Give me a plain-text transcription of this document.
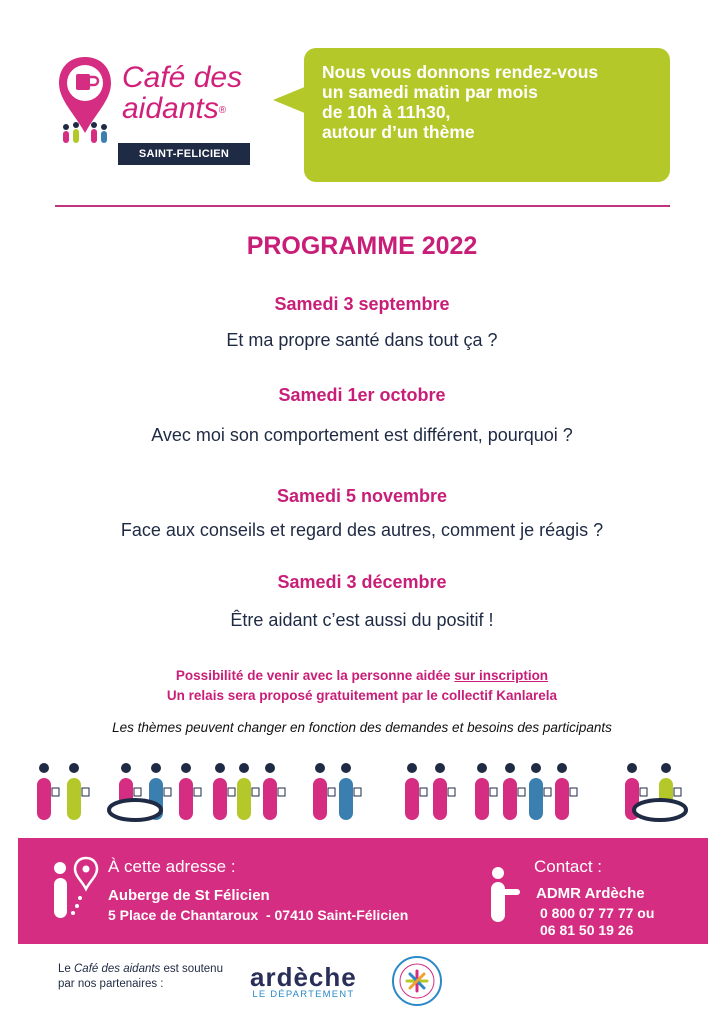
Café des
aidants®
SAINT-FELICIEN
Nous vous donnons rendez-vous
un samedi matin par mois
de 10h à 11h30,
autour d’un thème
PROGRAMME 2022
Samedi 3 septembre
Et ma propre santé dans tout ça ?
Samedi 1er octobre
Avec moi son comportement est différent, pourquoi ?
Samedi 5 novembre
Face aux conseils et regard des autres, comment je réagis ?
Samedi 3 décembre
Être aidant c’est aussi du positif !
Possibilité de venir avec la personne aidée sur inscription
Un relais sera proposé gratuitement par le collectif Kanlarela
Les thèmes peuvent changer en fonction des demandes et besoins des participants
À cette adresse :
Auberge de St Félicien
5 Place de Chantaroux  - 07410 Saint-Félicien
Contact :
ADMR Ardèche
0 800 07 77 77 ou
06 81 50 19 26
Le Café des aidants est soutenu par nos partenaires :	ardèche
LE DÉPARTEMENT
